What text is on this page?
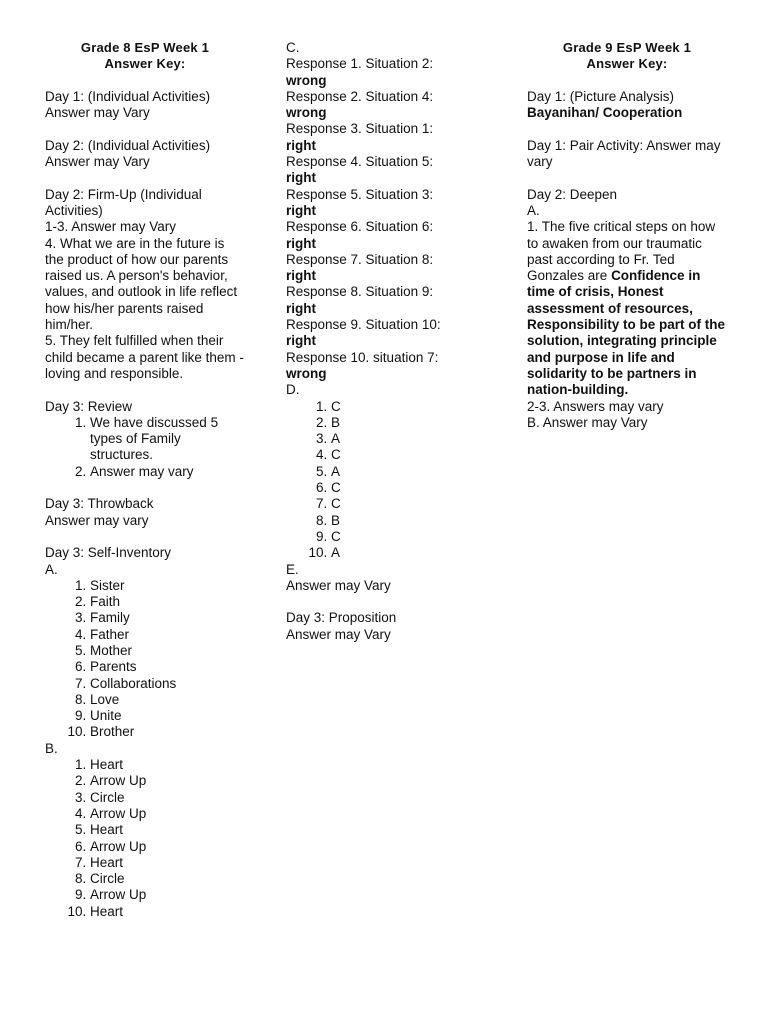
Grade 8 EsP Week 1
Answer Key:
Day 1: (Individual Activities)
Answer may Vary
Day 2: (Individual Activities)
Answer may Vary
Day 2: Firm-Up (Individual Activities)
1-3. Answer may Vary
4. What we are in the future is the product of how our parents raised us. A person's behavior, values, and outlook in life reflect how his/her parents raised him/her.
5. They felt fulfilled when their child became a parent like them -loving and responsible.
Day 3: Review
1. We have discussed 5 types of Family structures.
2. Answer may vary
Day 3: Throwback
Answer may vary
Day 3: Self-Inventory
A.
1. Sister
2. Faith
3. Family
4. Father
5. Mother
6. Parents
7. Collaborations
8. Love
9. Unite
10. Brother
B.
1. Heart
2. Arrow Up
3. Circle
4. Arrow Up
5. Heart
6. Arrow Up
7. Heart
8. Circle
9. Arrow Up
10. Heart
C.
Response 1. Situation 2:
wrong
Response 2. Situation 4:
wrong
Response 3. Situation 1:
right
Response 4. Situation 5:
right
Response 5. Situation 3:
right
Response 6. Situation 6:
right
Response 7. Situation 8:
right
Response 8. Situation 9:
right
Response 9. Situation 10:
right
Response 10. situation 7:
wrong
D.
1. C
2. B
3. A
4. C
5. A
6. C
7. C
8. B
9. C
10. A
E.
Answer may Vary
Day 3: Proposition
Answer may Vary
Grade 9 EsP Week 1
Answer Key:
Day 1: (Picture Analysis)
Bayanihan/ Cooperation
Day 1: Pair Activity: Answer may vary
Day 2: Deepen
A.
1. The five critical steps on how to awaken from our traumatic past according to Fr. Ted Gonzales are Confidence in time of crisis, Honest assessment of resources, Responsibility to be part of the solution, integrating principle and purpose in life and solidarity to be partners in nation-building.
2-3. Answers may vary
B. Answer may Vary
